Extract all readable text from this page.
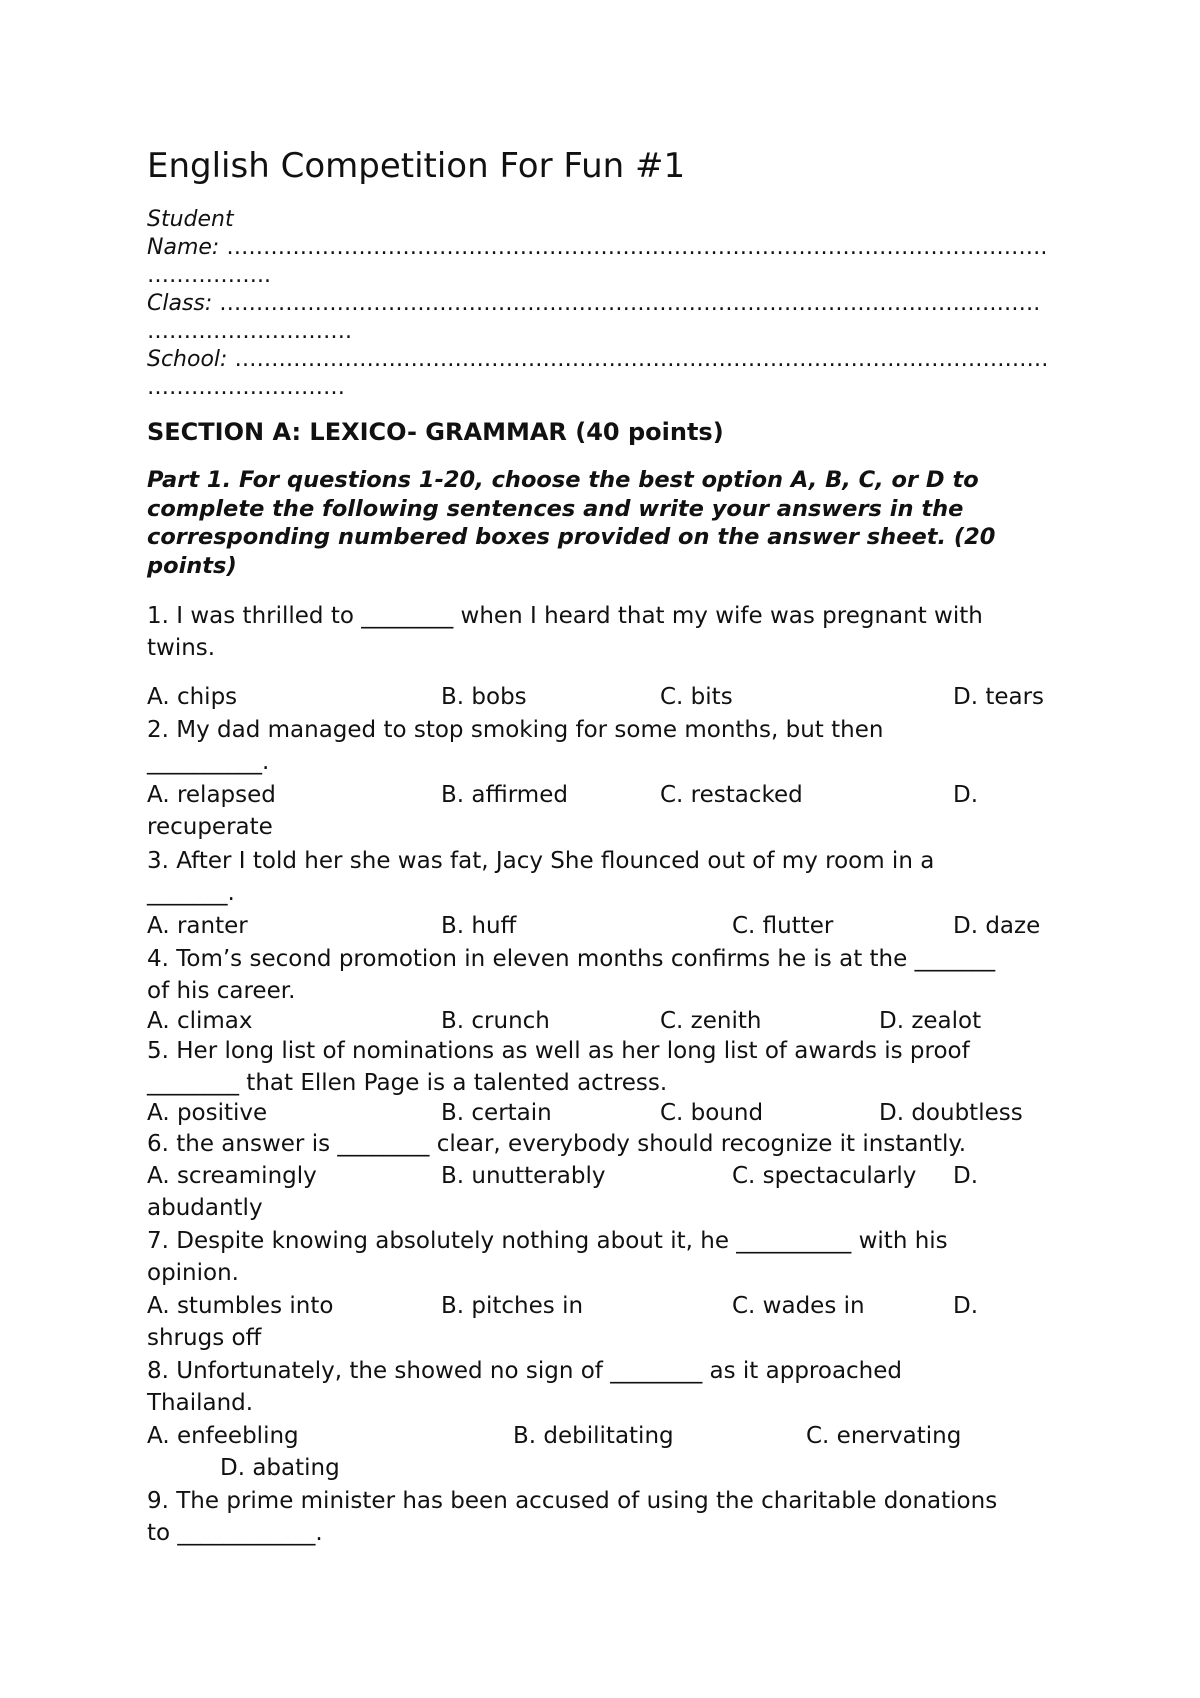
English Competition For Fun #1
Student
Name: ………………………………………………………………………………………………….
……………..
Class: ………………………………………………………………………………………………….
……………………….
School: …………………………………………………………………………………………………
………………………
SECTION A: LEXICO- GRAMMAR (40 points)
Part 1. For questions 1-20, choose the best option A, B, C, or D to complete the following sentences and write your answers in the corresponding numbered boxes provided on the answer sheet. (20 points)
1. I was thrilled to ________ when I heard that my wife was pregnant with
twins.
A. chips	B. bobs	C. bits	D. tears
2. My dad managed to stop smoking for some months, but then
__________.
A. relapsed	B. affirmed	C. restacked	D.
recuperate
3. After I told her she was fat, Jacy She flounced out of my room in a
_______.
A. ranter	B. huff	C. flutter	D. daze
4. Tom’s second promotion in eleven months confirms he is at the _______
of his career.
A. climax	B. crunch	C. zenith	D. zealot
5. Her long list of nominations as well as her long list of awards is proof
________ that Ellen Page is a talented actress.
A. positive	B. certain	C. bound	D. doubtless
6. the answer is ________ clear, everybody should recognize it instantly.
A. screamingly	B. unutterably	C. spectacularly D.
abudantly
7. Despite knowing absolutely nothing about it, he __________ with his
opinion.
A. stumbles into	B. pitches in	C. wades in	D.
shrugs off
8. Unfortunately, the showed no sign of ________ as it approached
Thailand.
A. enfeebling	B. debilitating	C. enervating
D. abating
9. The prime minister has been accused of using the charitable donations
to ____________.
